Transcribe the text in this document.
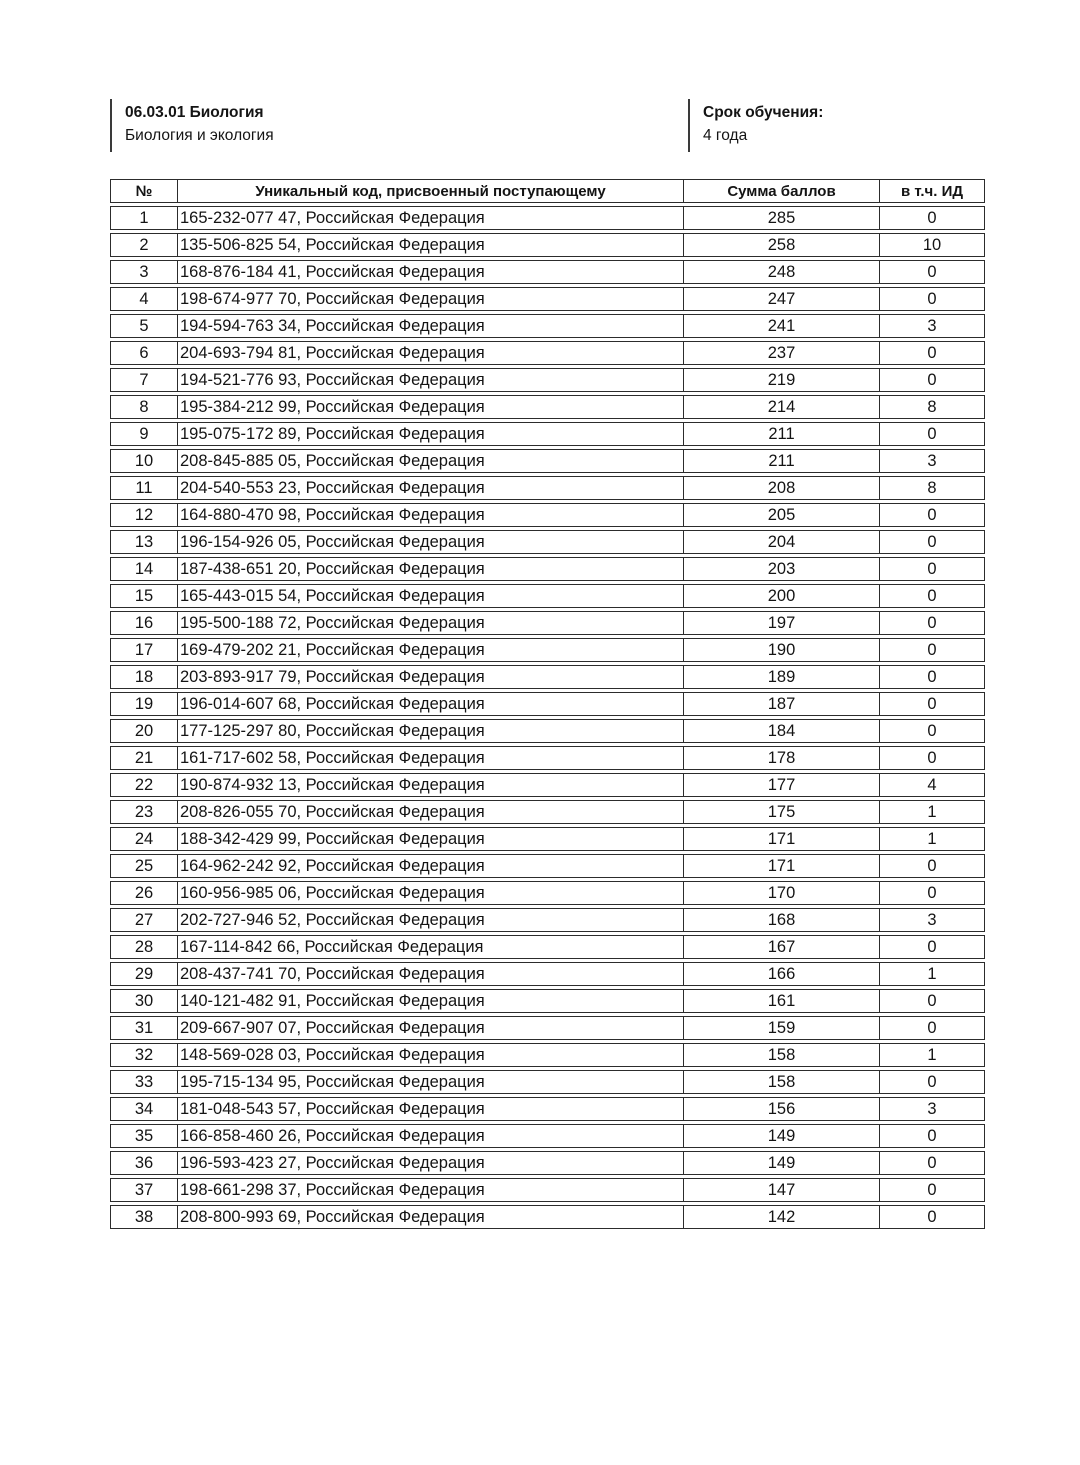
06.03.01 Биология
Биология и экология
Срок обучения:
4 года
№	Уникальный код, присвоенный поступающему	Сумма баллов	в т.ч. ИД
1	165-232-077 47, Российская Федерация	285	0
2	135-506-825 54, Российская Федерация	258	10
3	168-876-184 41, Российская Федерация	248	0
4	198-674-977 70, Российская Федерация	247	0
5	194-594-763 34, Российская Федерация	241	3
6	204-693-794 81, Российская Федерация	237	0
7	194-521-776 93, Российская Федерация	219	0
8	195-384-212 99, Российская Федерация	214	8
9	195-075-172 89, Российская Федерация	211	0
10	208-845-885 05, Российская Федерация	211	3
11	204-540-553 23, Российская Федерация	208	8
12	164-880-470 98, Российская Федерация	205	0
13	196-154-926 05, Российская Федерация	204	0
14	187-438-651 20, Российская Федерация	203	0
15	165-443-015 54, Российская Федерация	200	0
16	195-500-188 72, Российская Федерация	197	0
17	169-479-202 21, Российская Федерация	190	0
18	203-893-917 79, Российская Федерация	189	0
19	196-014-607 68, Российская Федерация	187	0
20	177-125-297 80, Российская Федерация	184	0
21	161-717-602 58, Российская Федерация	178	0
22	190-874-932 13, Российская Федерация	177	4
23	208-826-055 70, Российская Федерация	175	1
24	188-342-429 99, Российская Федерация	171	1
25	164-962-242 92, Российская Федерация	171	0
26	160-956-985 06, Российская Федерация	170	0
27	202-727-946 52, Российская Федерация	168	3
28	167-114-842 66, Российская Федерация	167	0
29	208-437-741 70, Российская Федерация	166	1
30	140-121-482 91, Российская Федерация	161	0
31	209-667-907 07, Российская Федерация	159	0
32	148-569-028 03, Российская Федерация	158	1
33	195-715-134 95, Российская Федерация	158	0
34	181-048-543 57, Российская Федерация	156	3
35	166-858-460 26, Российская Федерация	149	0
36	196-593-423 27, Российская Федерация	149	0
37	198-661-298 37, Российская Федерация	147	0
38	208-800-993 69, Российская Федерация	142	0
